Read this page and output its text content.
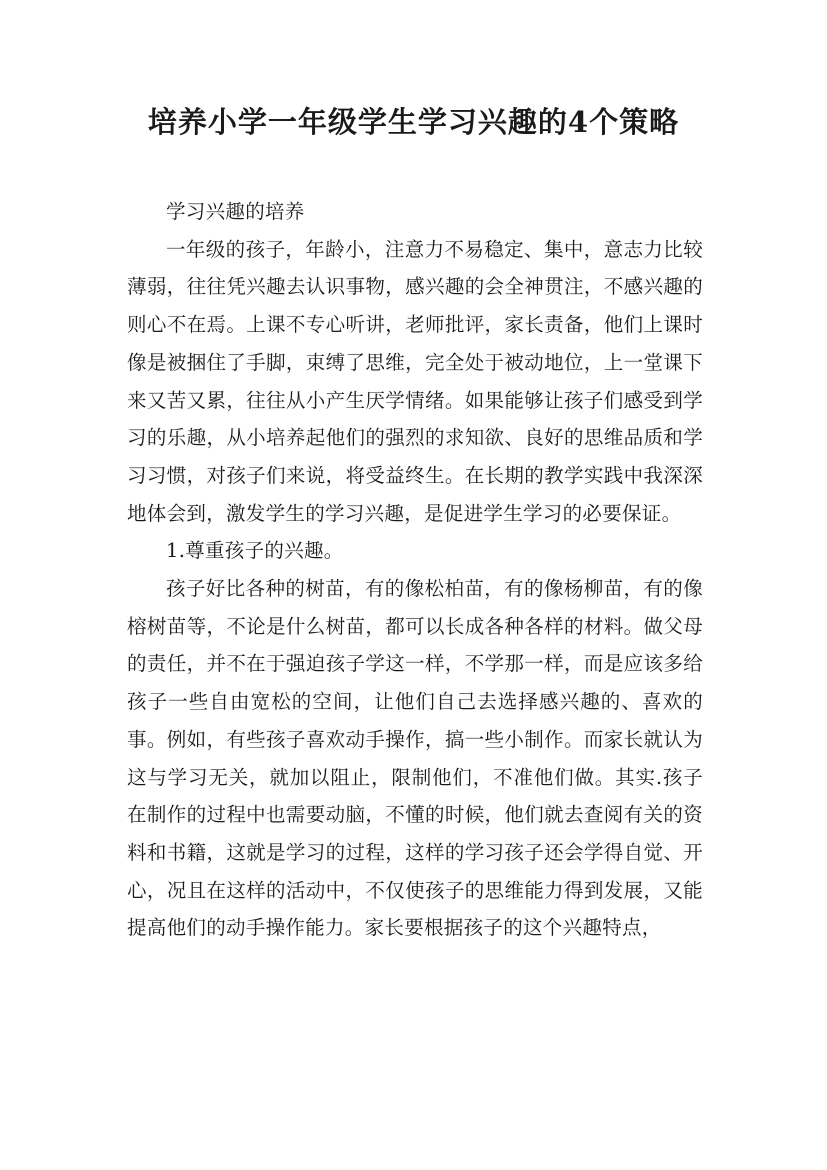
培养小学一年级学生学习兴趣的4个策略

学习兴趣的培养

一年级的孩子，年龄小，注意力不易稳定、集中，意志力比较薄弱，往往凭兴趣去认识事物，感兴趣的会全神贯注，不感兴趣的则心不在焉。上课不专心听讲，老师批评，家长责备，他们上课时像是被捆住了手脚，束缚了思维，完全处于被动地位，上一堂课下来又苦又累，往往从小产生厌学情绪。如果能够让孩子们感受到学习的乐趣，从小培养起他们的强烈的求知欲、良好的思维品质和学习习惯，对孩子们来说，将受益终生。在长期的教学实践中我深深地体会到，激发学生的学习兴趣，是促进学生学习的必要保证。

1.尊重孩子的兴趣。

孩子好比各种的树苗，有的像松柏苗，有的像杨柳苗，有的像榕树苗等，不论是什么树苗，都可以长成各种各样的材料。做父母的责任，并不在于强迫孩子学这一样，不学那一样，而是应该多给孩子一些自由宽松的空间，让他们自己去选择感兴趣的、喜欢的事。例如，有些孩子喜欢动手操作，搞一些小制作。而家长就认为这与学习无关，就加以阻止，限制他们，不准他们做。其实.孩子在制作的过程中也需要动脑，不懂的时候，他们就去查阅有关的资料和书籍，这就是学习的过程，这样的学习孩子还会学得自觉、开心，况且在这样的活动中，不仅使孩子的思维能力得到发展，又能提高他们的动手操作能力。家长要根据孩子的这个兴趣特点，
